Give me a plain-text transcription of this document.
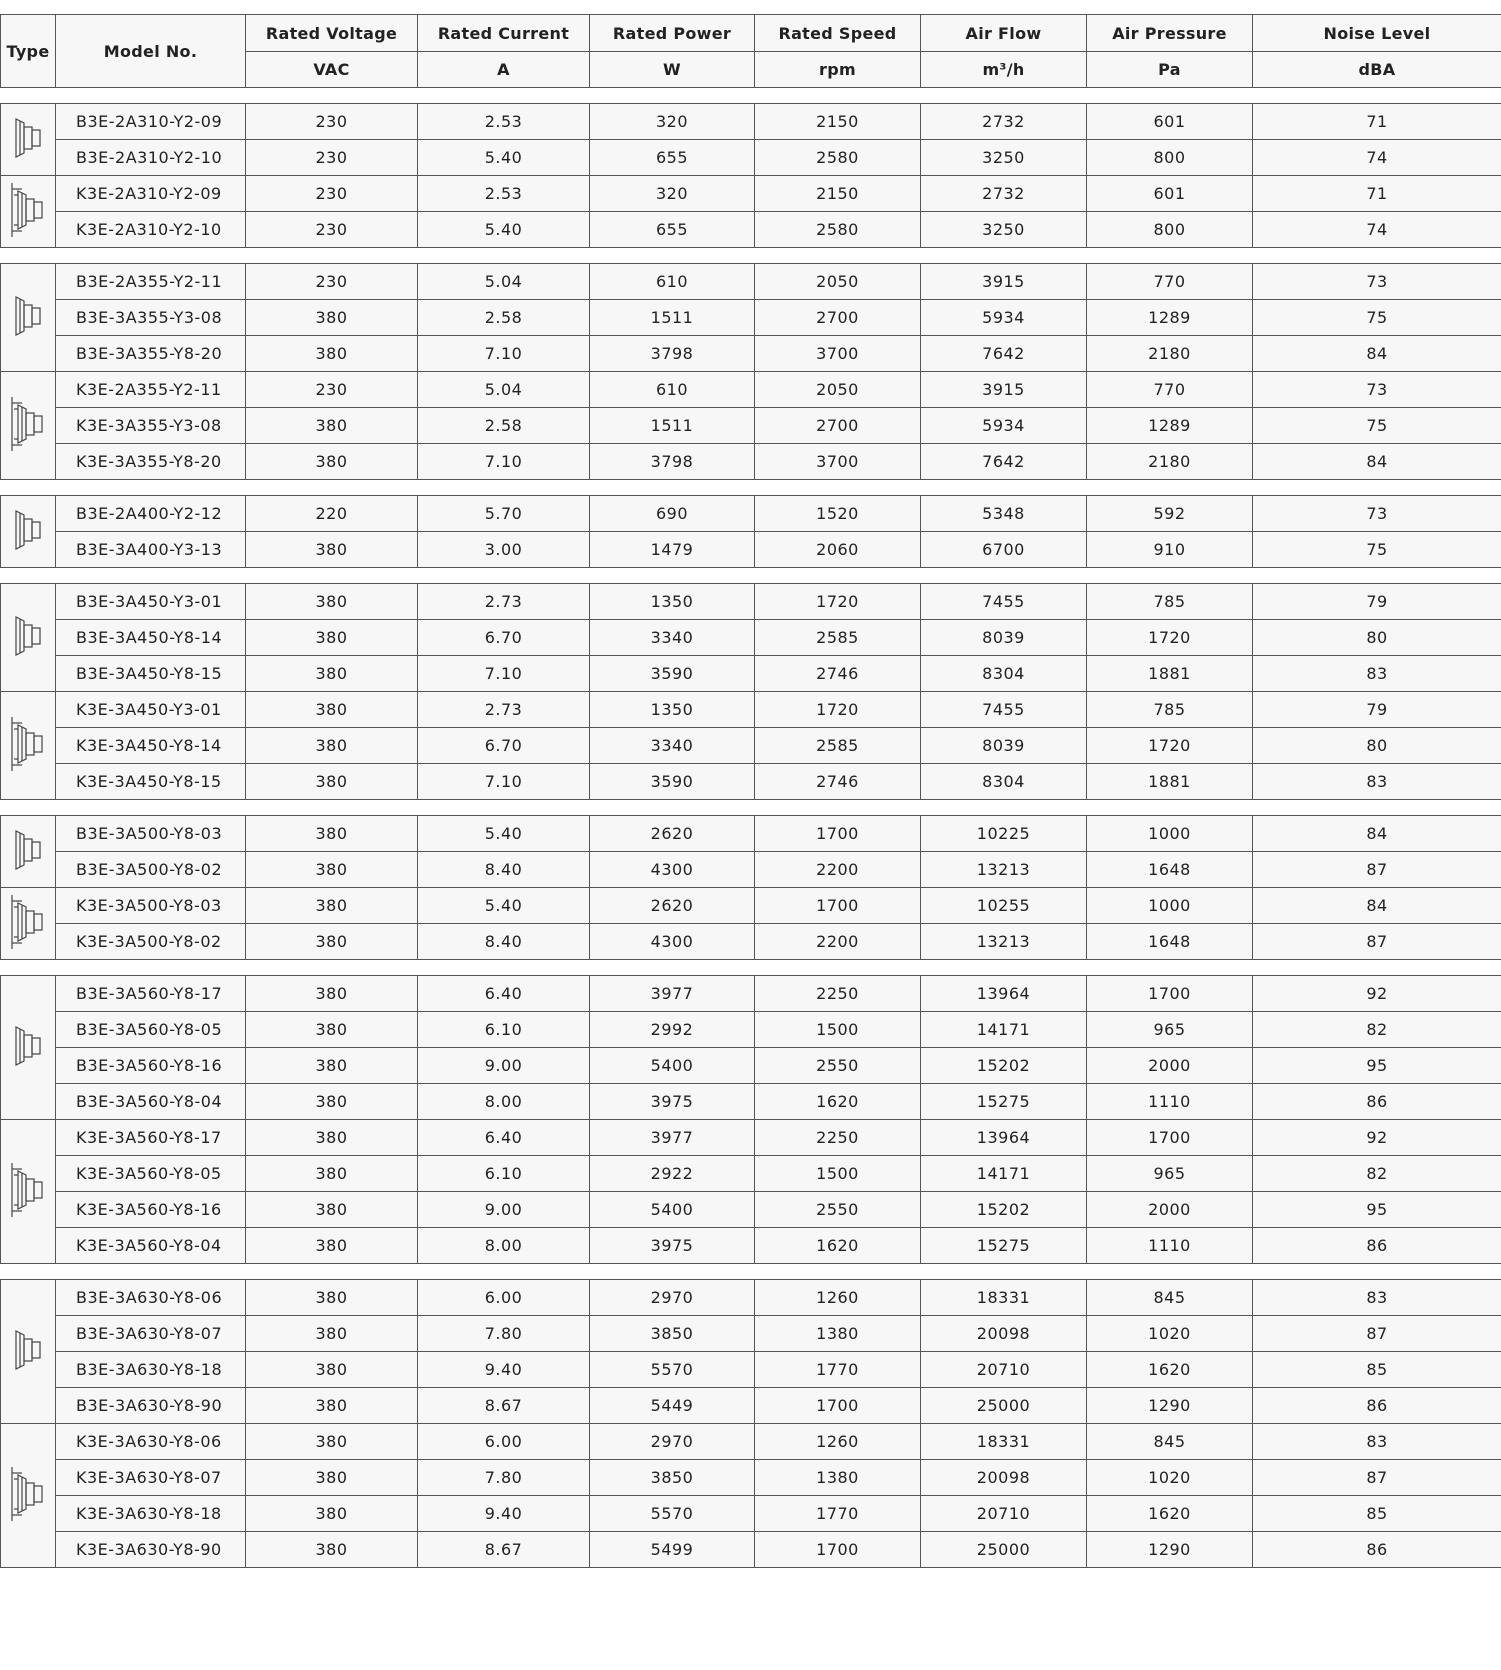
Type	Model No.	Rated Voltage	Rated Current	Rated Power	Rated Speed	Air Flow	Air Pressure	Noise Level
		VAC	A	W	rpm	m³/h	Pa	dBA
	B3E-2A310-Y2-09	230	2.53	320	2150	2732	601	71
	B3E-2A310-Y2-10	230	5.40	655	2580	3250	800	74
	K3E-2A310-Y2-09	230	2.53	320	2150	2732	601	71
	K3E-2A310-Y2-10	230	5.40	655	2580	3250	800	74
	B3E-2A355-Y2-11	230	5.04	610	2050	3915	770	73
	B3E-3A355-Y3-08	380	2.58	1511	2700	5934	1289	75
	B3E-3A355-Y8-20	380	7.10	3798	3700	7642	2180	84
	K3E-2A355-Y2-11	230	5.04	610	2050	3915	770	73
	K3E-3A355-Y3-08	380	2.58	1511	2700	5934	1289	75
	K3E-3A355-Y8-20	380	7.10	3798	3700	7642	2180	84
	B3E-2A400-Y2-12	220	5.70	690	1520	5348	592	73
	B3E-3A400-Y3-13	380	3.00	1479	2060	6700	910	75
	B3E-3A450-Y3-01	380	2.73	1350	1720	7455	785	79
	B3E-3A450-Y8-14	380	6.70	3340	2585	8039	1720	80
	B3E-3A450-Y8-15	380	7.10	3590	2746	8304	1881	83
	K3E-3A450-Y3-01	380	2.73	1350	1720	7455	785	79
	K3E-3A450-Y8-14	380	6.70	3340	2585	8039	1720	80
	K3E-3A450-Y8-15	380	7.10	3590	2746	8304	1881	83
	B3E-3A500-Y8-03	380	5.40	2620	1700	10225	1000	84
	B3E-3A500-Y8-02	380	8.40	4300	2200	13213	1648	87
	K3E-3A500-Y8-03	380	5.40	2620	1700	10255	1000	84
	K3E-3A500-Y8-02	380	8.40	4300	2200	13213	1648	87
	B3E-3A560-Y8-17	380	6.40	3977	2250	13964	1700	92
	B3E-3A560-Y8-05	380	6.10	2992	1500	14171	965	82
	B3E-3A560-Y8-16	380	9.00	5400	2550	15202	2000	95
	B3E-3A560-Y8-04	380	8.00	3975	1620	15275	1110	86
	K3E-3A560-Y8-17	380	6.40	3977	2250	13964	1700	92
	K3E-3A560-Y8-05	380	6.10	2922	1500	14171	965	82
	K3E-3A560-Y8-16	380	9.00	5400	2550	15202	2000	95
	K3E-3A560-Y8-04	380	8.00	3975	1620	15275	1110	86
	B3E-3A630-Y8-06	380	6.00	2970	1260	18331	845	83
	B3E-3A630-Y8-07	380	7.80	3850	1380	20098	1020	87
	B3E-3A630-Y8-18	380	9.40	5570	1770	20710	1620	85
	B3E-3A630-Y8-90	380	8.67	5449	1700	25000	1290	86
	K3E-3A630-Y8-06	380	6.00	2970	1260	18331	845	83
	K3E-3A630-Y8-07	380	7.80	3850	1380	20098	1020	87
	K3E-3A630-Y8-18	380	9.40	5570	1770	20710	1620	85
	K3E-3A630-Y8-90	380	8.67	5499	1700	25000	1290	86
